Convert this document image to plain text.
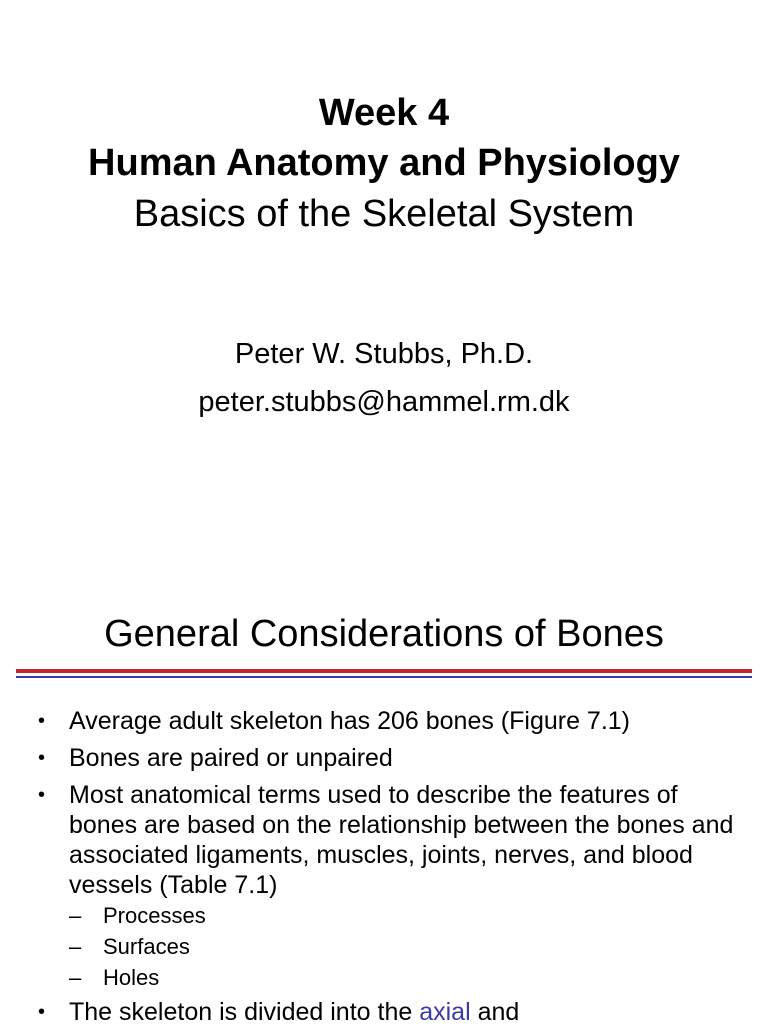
Week 4
Human Anatomy and Physiology
Basics of the Skeletal System
Peter W. Stubbs, Ph.D.
peter.stubbs@hammel.rm.dk
General Considerations of Bones
• Average adult skeleton has 206 bones (Figure 7.1)
• Bones are paired or unpaired
• Most anatomical terms used to describe the features of bones are based on the relationship between the bones and associated ligaments, muscles, joints, nerves, and blood vessels (Table 7.1)
– Processes
– Surfaces
– Holes
• The skeleton is divided into the axial and
